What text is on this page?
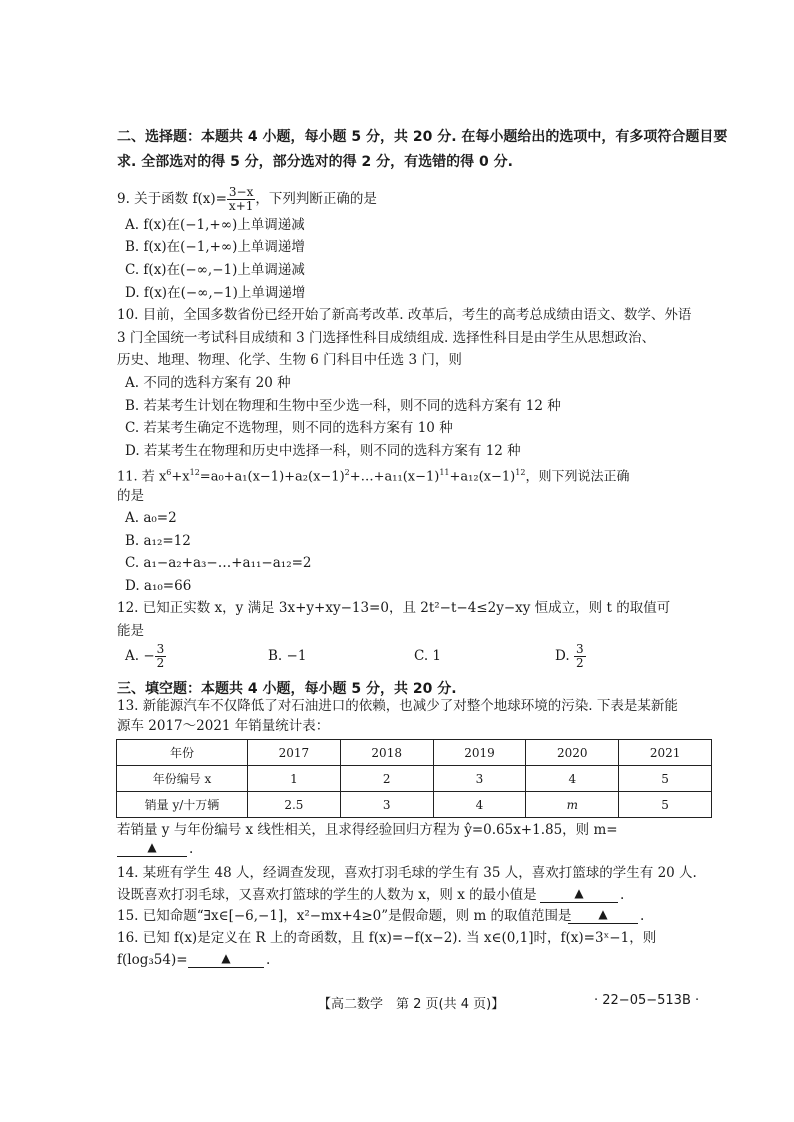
二、选择题：本题共 4 小题，每小题 5 分，共 20 分. 在每小题给出的选项中，有多项符合题目要
求. 全部选对的得 5 分，部分选对的得 2 分，有选错的得 0 分.
9. 关于函数 $f(x)= \frac{3-x}{x+1}$ ，下列判断正确的是
A. f(x)在(−1,+∞)上单调递减
B. f(x)在(−1,+∞)上单调递增
C. f(x)在(−∞,−1)上单调递减
D. f(x)在(−∞,−1)上单调递增
10. 目前，全国多数省份已经开始了新高考改革. 改革后，考生的高考总成绩由语文、数学、外语
3 门全国统一考试科目成绩和 3 门选择性科目成绩组成. 选择性科目是由学生从思想政治、
历史、地理、物理、化学、生物 6 门科目中任选 3 门，则
A. 不同的选科方案有 20 种
B. 若某考生计划在物理和生物中至少选一科，则不同的选科方案有 12 种
C. 若某考生确定不选物理，则不同的选科方案有 10 种
D. 若某考生在物理和历史中选择一科，则不同的选科方案有 12 种
11. 若 $x^6+x^{12}=a_0+a_1(x-1)+a_2(x-1)^2+\dots+a_{11}(x-1)^{11}+a_{12}(x-1)^{12}$，则下列说法正确
的是
A. a₀=2
B. a₁₂=12
C. a₁−a₂+a₃−…+a₁₁−a₁₂=2
D. a₁₀=66
12. 已知正实数 x，y 满足 3x+y+xy−13=0，且 2t²−t−4≤2y−xy 恒成立，则 t 的取值可
能是
A. − $\frac{3}{2}$	B. −1	C. 1	D. $\frac{3}{2}$
三、填空题：本题共 4 小题，每小题 5 分，共 20 分.
13. 新能源汽车不仅降低了对石油进口的依赖，也减少了对整个地球环境的污染. 下表是某新能
源车 2017～2021 年销量统计表：
年份	2017	2018	2019	2020	2021
年份编号 x	1	2	3	4	5
销量 y/十万辆	2.5	3	4	m	5
若销量 y 与年份编号 x 线性相关，且求得经验回归方程为 ŷ=0.65x+1.85，则 m=
▲	.
14. 某班有学生 48 人，经调查发现，喜欢打羽毛球的学生有 35 人，喜欢打篮球的学生有 20 人.
设既喜欢打羽毛球，又喜欢打篮球的学生的人数为 x，则 x 的最小值是	▲	.
15. 已知命题“∃x∈[−6,−1]，x²−mx+4≥0”是假命题，则 m 的取值范围是	▲	.
16. 已知 f(x)是定义在 R 上的奇函数，且 f(x)=−f(x−2). 当 x∈(0,1]时，f(x)=3ˣ−1，则
f(log₃54)=	▲	.
【高二数学　第 2 页(共 4 页)】	· 22−05−513B ·
